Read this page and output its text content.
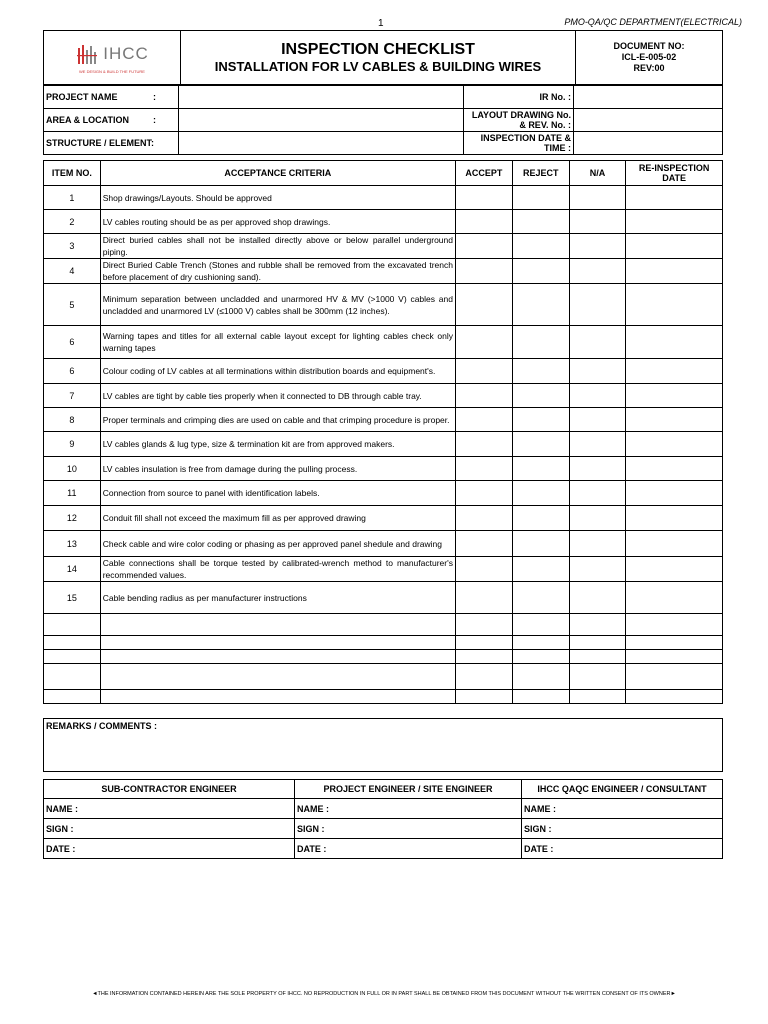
1	PMO-QA/QC DEPARTMENT(ELECTRICAL)
IHCC
WE DESIGN & BUILD THE FUTURE

INSPECTION CHECKLIST
INSTALLATION FOR LV CABLES & BUILDING WIRES

DOCUMENT NO:
ICL-E-005-02
REV:00
PROJECT NAME :		IR No. :	
AREA & LOCATION :		LAYOUT DRAWING No. & REV. No. :	
STRUCTURE / ELEMENT:		INSPECTION DATE & TIME :	
ITEM NO.	ACCEPTANCE CRITERIA	ACCEPT	REJECT	N/A	RE-INSPECTION DATE
1	Shop drawings/Layouts. Should be approved				
2	LV cables routing should be as per approved shop drawings.				
3	Direct buried cables shall not be installed directly above or below parallel underground piping.				
4	Direct Buried Cable Trench (Stones and rubble shall be removed from the excavated trench before placement of dry cushioning sand).				
5	Minimum separation between uncladded and unarmored HV & MV (>1000 V) cables and uncladded and unarmored LV (≤1000 V) cables shall be 300mm (12 inches).				
6	Warning tapes and titles for all external cable layout except for lighting cables check only warning tapes				
6	Colour coding of LV cables at all terminations within distribution boards and equipment's.				
7	LV cables are tight by cable ties properly when it connected to DB through cable tray.				
8	Proper terminals and crimping dies are used on cable and that crimping procedure is proper.				
9	LV cables glands & lug type, size & termination kit are from approved makers.				
10	LV cables insulation is free from damage during the pulling process.				
11	Connection from source to panel with identification labels.				
12	Conduit fill shall not exceed the maximum fill as per approved drawing				
13	Check cable and wire color coding or phasing as per approved panel shedule and drawing				
14	Cable connections shall be torque tested by calibrated-wrench method to manufacturer's recommended values.				
15	Cable bending radius as per manufacturer instructions				

REMARKS / COMMENTS :
SUB-CONTRACTOR ENGINEER	PROJECT ENGINEER / SITE ENGINEER	IHCC QAQC ENGINEER / CONSULTANT
NAME :	NAME :	NAME :
SIGN :	SIGN :	SIGN :
DATE :	DATE :	DATE :
◄THE INFORMATION CONTAINED HEREIN ARE THE SOLE PROPERTY OF IHCC. NO REPRODUCTION IN FULL OR IN PART SHALL BE OBTAINED FROM THIS DOCUMENT WITHOUT THE WRITTEN CONSENT OF ITS OWNER►
